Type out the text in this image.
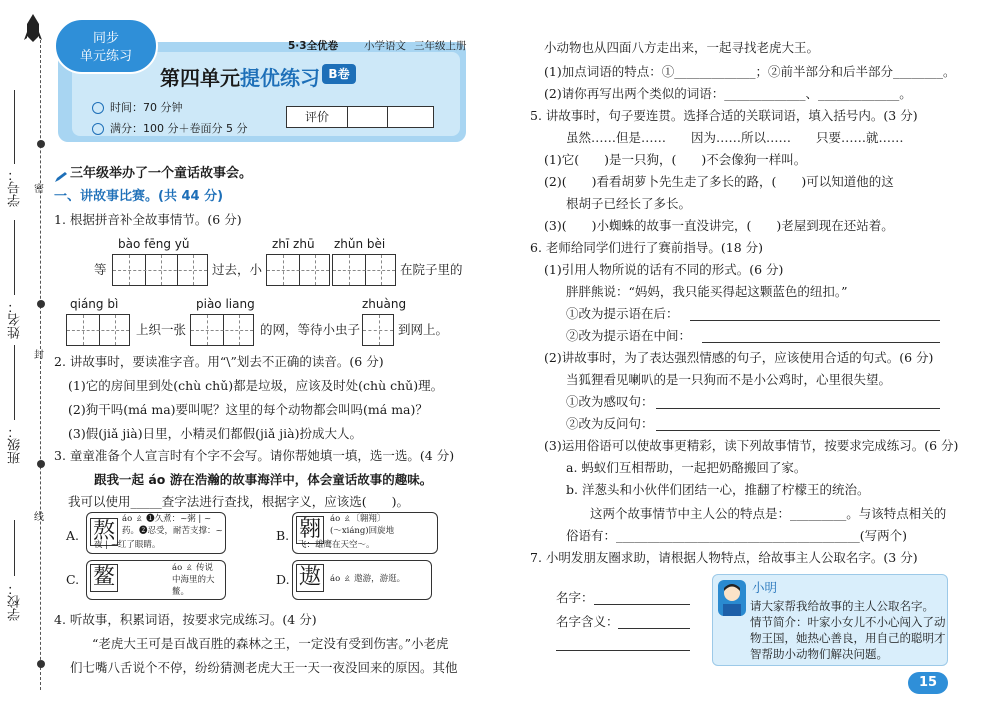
学校：
班级：
姓名：
学号： 密
封
线
同步
单元练习
5·3全优卷 小学语文 三年级上册
第四单元提优练习 B卷
时间：70 分钟
满分：100 分＋卷面分 5 分
评价
三年级举办了一个童话故事会。
一、讲故事比赛。(共 44 分)
1. 根据拼音补全故事情节。(6 分)
bào fēng yǔ	zhī zhū zhǔn bèi
等	过去，小	在院子里的
qiáng bì	piào liang	zhuàng
上织一张	的网，等待小虫子	到网上。
2. 讲故事时，要读准字音。用“\”划去不正确的读音。(6 分)
(1)它的房间里到处(chù chǔ)都是垃圾，应该及时处(chù chǔ)理。
(2)狗干吗(má ma)要叫呢？这里的每个动物都会叫吗(má ma)？
(3)假(jiǎ jià)日里，小精灵们都假(jiǎ jià)扮成大人。
3. 童童准备个人宣言时有个字不会写。请你帮她填一填，选一选。(4 分)
跟我一起 áo 游在浩瀚的故事海洋中，体会童话故事的趣味。
我可以使用_____查字法进行查找，根据字义，应该选(　　)。
A. 熬 áo ㄠ ❶久煮：~粥 | ~
药。❷忍受，耐苦支撑：~
夜 | ~红了眼睛。
B. 翱	áo ㄠ〔翱翔〕
(～xiáng)回旋地
飞：雄鹰在天空～。
C. 鳌	áo ㄠ 传说
中海里的大
鳖。
D. 遨	áo ㄠ 遨游，游逛。
4. 听故事，积累词语，按要求完成练习。(4 分)
“老虎大王可是百战百胜的森林之王，一定没有受到伤害。”小老虎
们七嘴八舌说个不停，纷纷猜测老虎大王一天一夜没回来的原因。其他
小动物也从四面八方走出来，一起寻找老虎大王。
(1)加点词语的特点：①_____________；②前半部分和后半部分________。
(2)请你再写出两个类似的词语：_____________、_____________。
5. 讲故事时，句子要连贯。选择合适的关联词语，填入括号内。(3 分)
虽然……但是……　　因为……所以……　　只要……就……
(1)它(　　)是一只狗，(　　)不会像狗一样叫。
(2)(　　)看看胡萝卜先生走了多长的路，(　　)可以知道他的这
根胡子已经长了多长。
(3)(　　)小蜘蛛的故事一直没讲完，(　　)老屋到现在还站着。
6. 老师给同学们进行了赛前指导。(18 分)
(1)引用人物所说的话有不同的形式。(6 分)
胖胖熊说：“妈妈，我只能买得起这颗蓝色的纽扣。”
①改为提示语在后：
②改为提示语在中间：
(2)讲故事时，为了表达强烈情感的句子，应该使用合适的句式。(6 分)
当狐狸看见喇叭的是一只狗而不是小公鸡时，心里很失望。
①改为感叹句：
②改为反问句：
(3)运用俗语可以使故事更精彩，读下列故事情节，按要求完成练习。(6 分)
a. 蚂蚁们互相帮助，一起把奶酪搬回了家。
b. 洋葱头和小伙伴们团结一心，推翻了柠檬王的统治。
这两个故事情节中主人公的特点是：_________。与该特点相关的
俗语有：_______________________________________(写两个)
7. 小明发朋友圈求助，请根据人物特点，给故事主人公取名字。(3 分)
名字：
名字含义：
小明
请大家帮我给故事的主人公取名字。
情节简介：叶家小女儿不小心闯入了动
物王国，她热心善良，用自己的聪明才
智帮助小动物们解决问题。
15
